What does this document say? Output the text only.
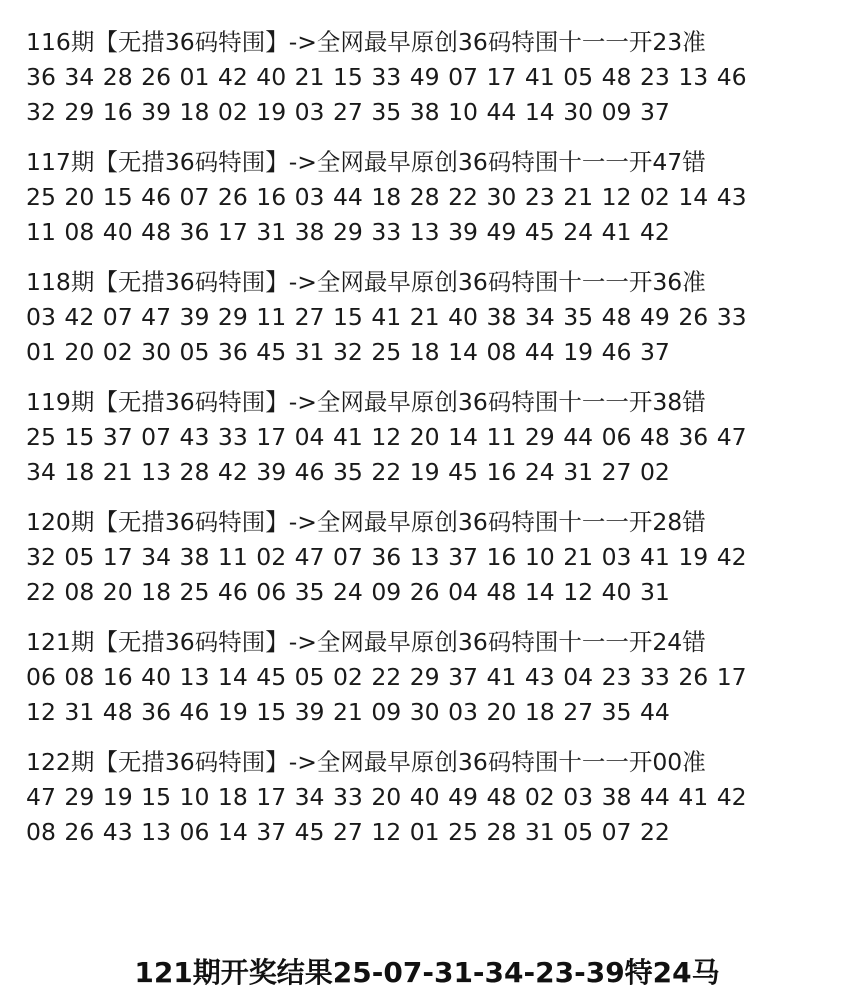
116期【无措36码特围】->全网最早原创36码特围十一一开23准
36 34 28 26 01 42 40 21 15 33 49 07 17 41 05 48 23 13 46
32 29 16 39 18 02 19 03 27 35 38 10 44 14 30 09 37
117期【无措36码特围】->全网最早原创36码特围十一一开47错
25 20 15 46 07 26 16 03 44 18 28 22 30 23 21 12 02 14 43
11 08 40 48 36 17 31 38 29 33 13 39 49 45 24 41 42
118期【无措36码特围】->全网最早原创36码特围十一一开36准
03 42 07 47 39 29 11 27 15 41 21 40 38 34 35 48 49 26 33
01 20 02 30 05 36 45 31 32 25 18 14 08 44 19 46 37
119期【无措36码特围】->全网最早原创36码特围十一一开38错
25 15 37 07 43 33 17 04 41 12 20 14 11 29 44 06 48 36 47
34 18 21 13 28 42 39 46 35 22 19 45 16 24 31 27 02
120期【无措36码特围】->全网最早原创36码特围十一一开28错
32 05 17 34 38 11 02 47 07 36 13 37 16 10 21 03 41 19 42
22 08 20 18 25 46 06 35 24 09 26 04 48 14 12 40 31
121期【无措36码特围】->全网最早原创36码特围十一一开24错
06 08 16 40 13 14 45 05 02 22 29 37 41 43 04 23 33 26 17
12 31 48 36 46 19 15 39 21 09 30 03 20 18 27 35 44
122期【无措36码特围】->全网最早原创36码特围十一一开00准
47 29 19 15 10 18 17 34 33 20 40 49 48 02 03 38 44 41 42
08 26 43 13 06 14 37 45 27 12 01 25 28 31 05 07 22
121期开奖结果25-07-31-34-23-39特24马
